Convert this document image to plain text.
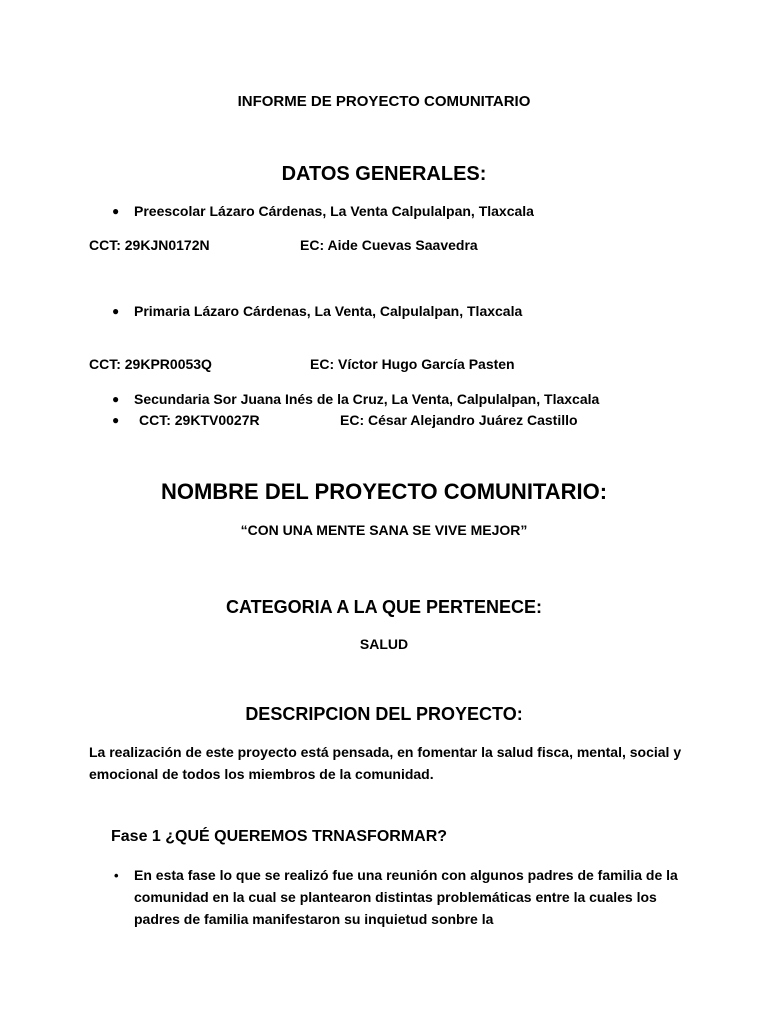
INFORME DE PROYECTO COMUNITARIO
DATOS GENERALES:
● Preescolar Lázaro Cárdenas, La Venta Calpulalpan, Tlaxcala
CCT: 29KJN0172N	EC: Aide Cuevas Saavedra
● Primaria Lázaro Cárdenas, La Venta, Calpulalpan, Tlaxcala
CCT: 29KPR0053Q	EC: Víctor Hugo García Pasten
● Secundaria Sor Juana Inés de la Cruz, La Venta, Calpulalpan, Tlaxcala
● CCT: 29KTV0027R	EC: César Alejandro Juárez Castillo
NOMBRE DEL PROYECTO COMUNITARIO:
“CON UNA MENTE SANA SE VIVE MEJOR”
CATEGORIA A LA QUE PERTENECE:
SALUD
DESCRIPCION DEL PROYECTO:
La realización de este proyecto está pensada, en fomentar la salud fisca, mental, social y emocional de todos los miembros de la comunidad.
Fase 1 ¿QUÉ QUEREMOS TRNASFORMAR?
• En esta fase lo que se realizó fue una reunión con algunos padres de familia de la comunidad en la cual se plantearon distintas problemáticas entre la cuales los padres de familia manifestaron su inquietud sonbre la
